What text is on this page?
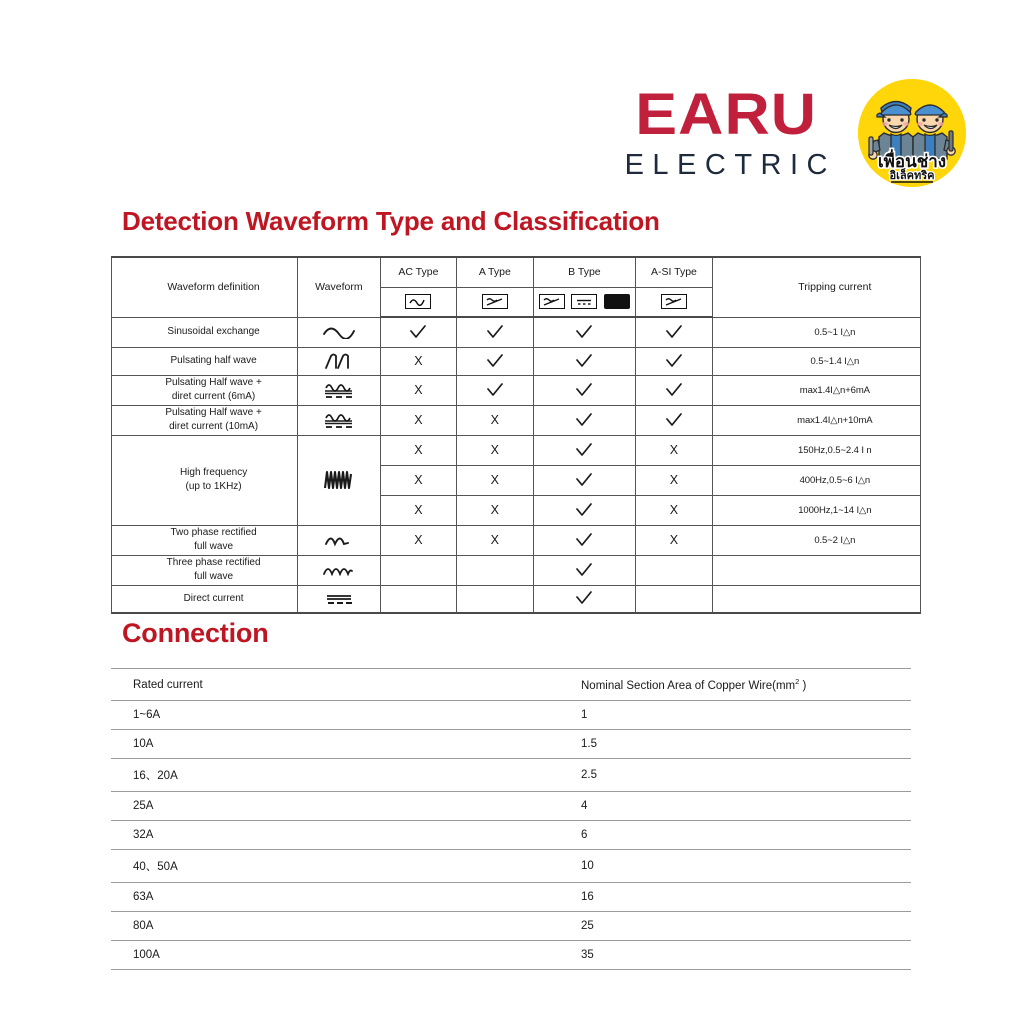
EARU
ELECTRIC เพื่อนช่าง
อิเล็คทริค
Detection Waveform Type and Classification
Waveform definition	Waveform	AC Type	A Type	B Type	A-SI Type	Tripping current

Sinusoidal exchange						0.5~1 I△n
Pulsating half wave		X				0.5~1.4 I△n

Pulsating Half wave +
diret current (6mA)		X				max1.4I△n+6mA

Pulsating Half wave +
diret current (10mA)		X	X			max1.4I△n+10mA

High frequency
(up to 1KHz)		X	X		X	150Hz,0.5~2.4 I n
		X	X		X	400Hz,0.5~6 I△n
		X	X		X	1000Hz,1~14 I△n

Two phase rectified
full wave		X	X		X	0.5~2 I△n

Three phase rectified
full wave

Direct current	

Connection
Rated current	Nominal Section Area of Copper $Wire(mm^2$ )
1~6A	1
10A	1.5
16、20A	2.5
25A	4
32A	6
40、50A	10
63A	16
80A	25
100A	35
